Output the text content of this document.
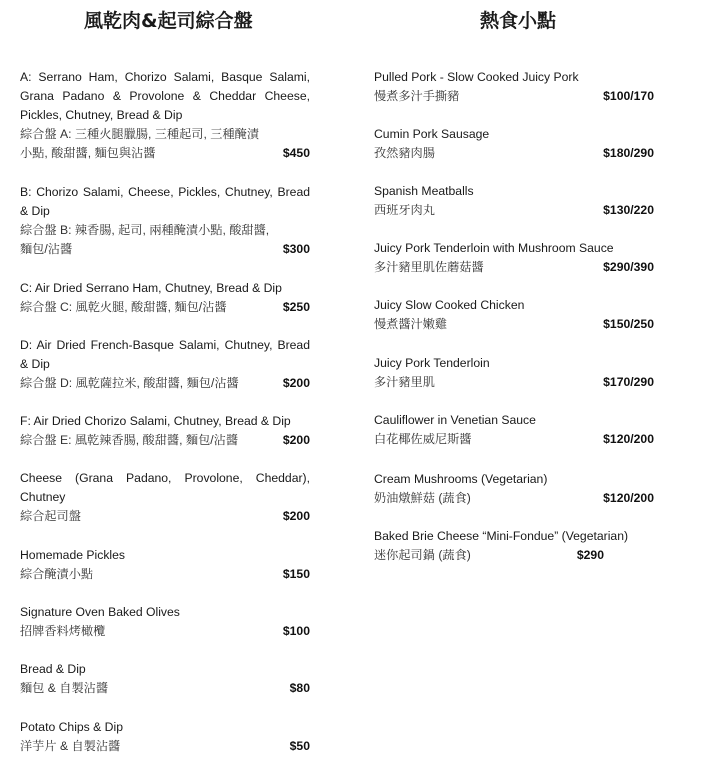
風乾肉&起司綜合盤	熱食小點
A: Serrano Ham, Chorizo Salami, Basque Salami, Grana Padano & Provolone & Cheddar Cheese, Pickles, Chutney, Bread & Dip
綜合盤 A: 三種火腿臘腸, 三種起司, 三種醃漬小點, 酸甜醬, 麵包與沾醬	$450
B: Chorizo Salami, Cheese, Pickles, Chutney, Bread & Dip
綜合盤 B: 辣香腸, 起司, 兩種醃漬小點, 酸甜醬, 麵包/沾醬	$300
C: Air Dried Serrano Ham, Chutney, Bread & Dip
綜合盤 C: 風乾火腿, 酸甜醬, 麵包/沾醬	$250
D: Air Dried French-Basque Salami, Chutney, Bread & Dip
綜合盤 D: 風乾薩拉米, 酸甜醬, 麵包/沾醬	$200
F: Air Dried Chorizo Salami, Chutney, Bread & Dip
綜合盤 E: 風乾辣香腸, 酸甜醬, 麵包/沾醬	$200
Cheese (Grana Padano, Provolone, Cheddar), Chutney
綜合起司盤	$200
Homemade Pickles
綜合醃漬小點	$150
Signature Oven Baked Olives
招牌香料烤橄欖	$100
Bread & Dip
麵包 & 自製沾醬	$80
Potato Chips & Dip
洋芋片 & 自製沾醬	$50
Pulled Pork - Slow Cooked Juicy Pork
慢煮多汁手撕豬	$100/170
Cumin Pork Sausage
孜然豬肉腸	$180/290
Spanish Meatballs
西班牙肉丸	$130/220
Juicy Pork Tenderloin with Mushroom Sauce
多汁豬里肌佐蘑菇醬	$290/390
Juicy Slow Cooked Chicken
慢煮醬汁嫩雞	$150/250
Juicy Pork Tenderloin
多汁豬里肌	$170/290
Cauliflower in Venetian Sauce
白花椰佐威尼斯醬	$120/200
Cream Mushrooms (Vegetarian)
奶油燉鮮菇 (蔬食)	$120/200
Baked Brie Cheese “Mini-Fondue” (Vegetarian)
迷你起司鍋 (蔬食)	$290
